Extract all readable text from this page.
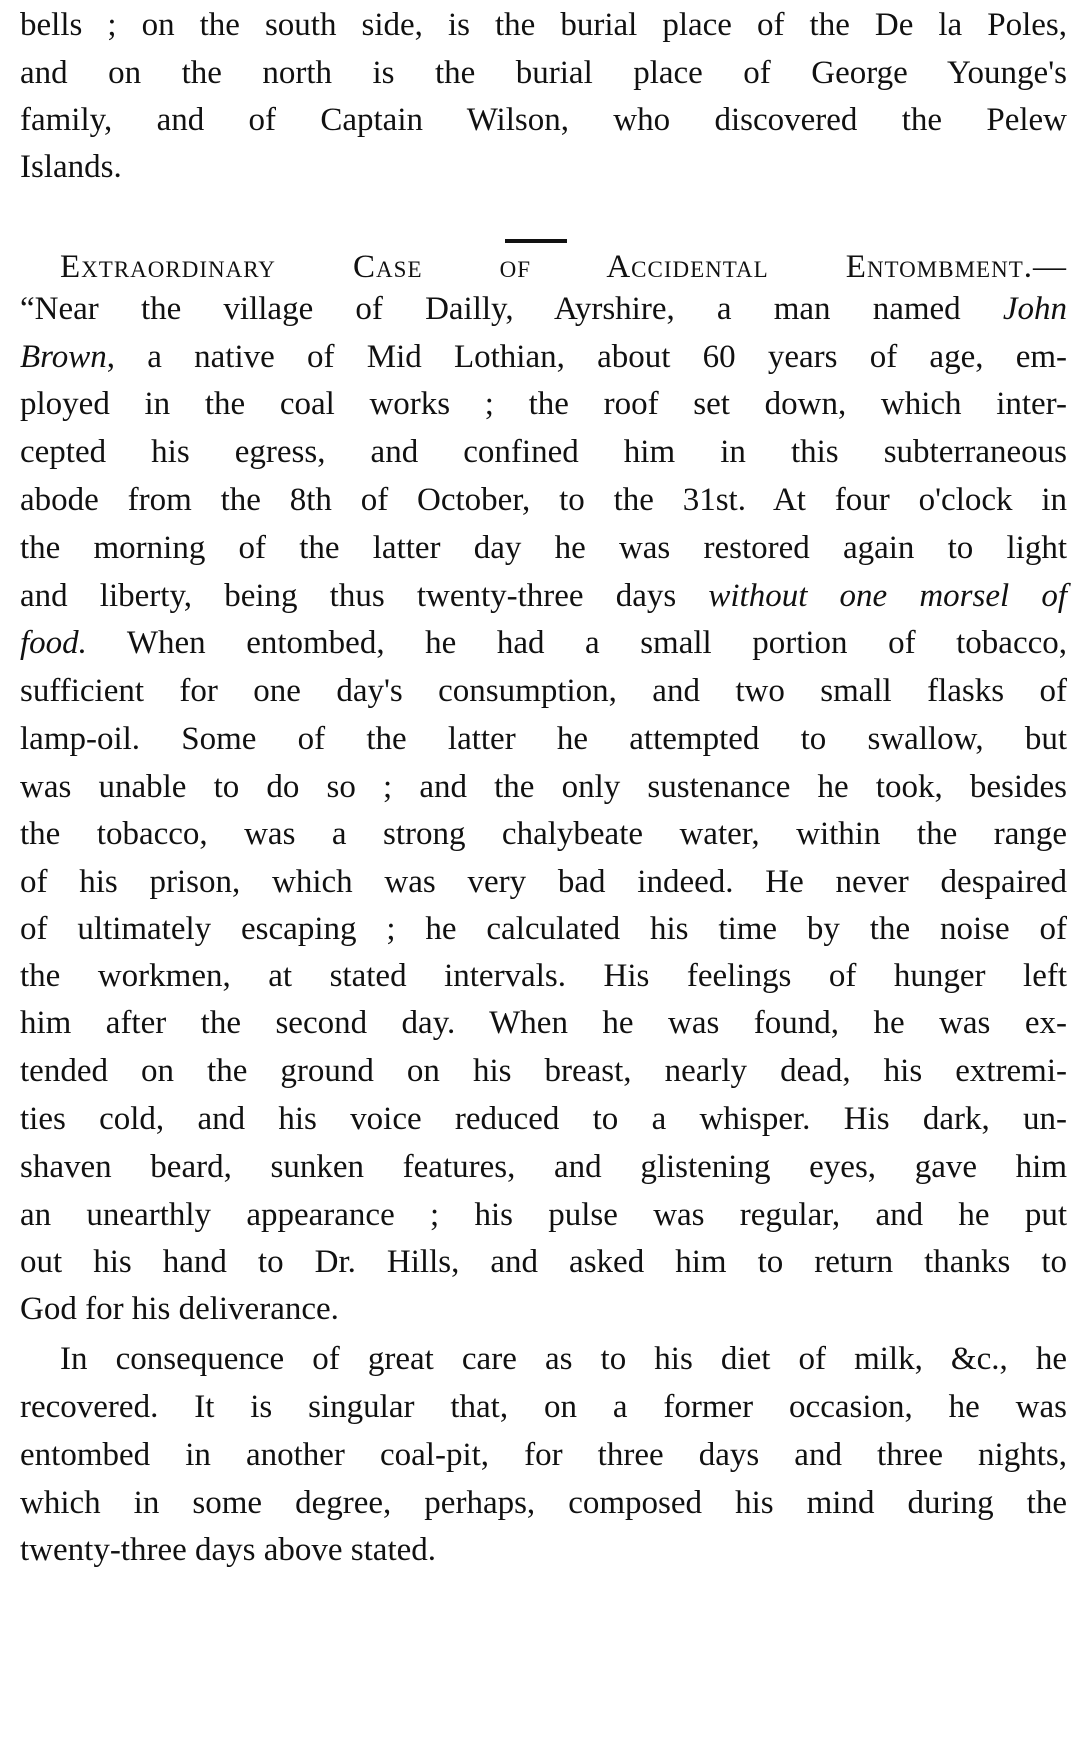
bells ; on the south side, is the burial place of the De la Poles,
and on the north is the burial place of George Younge's
family, and of Captain Wilson, who discovered the Pelew
Islands.
Extraordinary Case of Accidental Entombment.—
“Near the village of Dailly, Ayrshire, a man named John
Brown, a native of Mid Lothian, about 60 years of age, em-
ployed in the coal works ; the roof set down, which inter-
cepted his egress, and confined him in this subterraneous
abode from the 8th of October, to the 31st. At four o'clock in
the morning of the latter day he was restored again to light
and liberty, being thus twenty-three days without one morsel of
food. When entombed, he had a small portion of tobacco,
sufficient for one day's consumption, and two small flasks of
lamp-oil. Some of the latter he attempted to swallow, but
was unable to do so ; and the only sustenance he took, besides
the tobacco, was a strong chalybeate water, within the range
of his prison, which was very bad indeed. He never despaired
of ultimately escaping ; he calculated his time by the noise of
the workmen, at stated intervals. His feelings of hunger left
him after the second day. When he was found, he was ex-
tended on the ground on his breast, nearly dead, his extremi-
ties cold, and his voice reduced to a whisper. His dark, un-
shaven beard, sunken features, and glistening eyes, gave him
an unearthly appearance ; his pulse was regular, and he put
out his hand to Dr. Hills, and asked him to return thanks to
God for his deliverance.
In consequence of great care as to his diet of milk, &c., he
recovered. It is singular that, on a former occasion, he was
entombed in another coal-pit, for three days and three nights,
which in some degree, perhaps, composed his mind during the
twenty-three days above stated.
